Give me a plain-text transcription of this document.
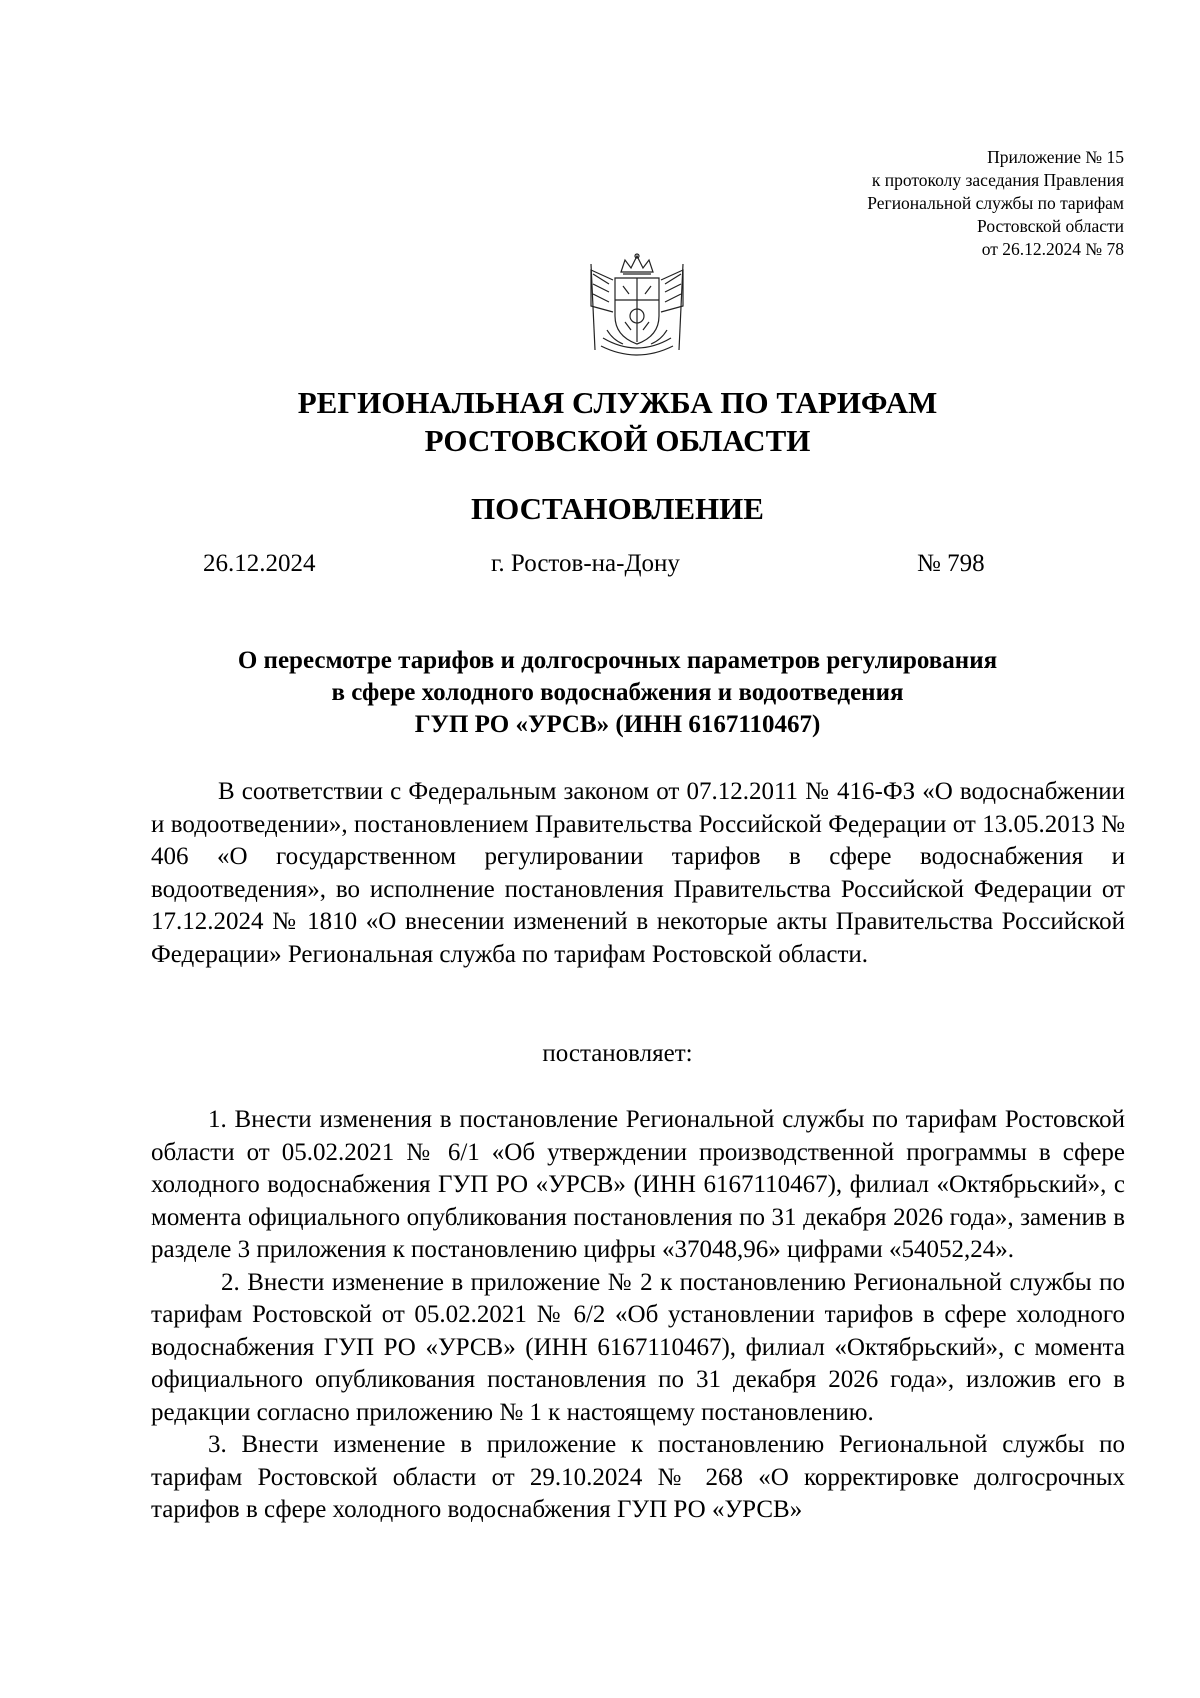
Приложение № 15
к протоколу заседания Правления
Региональной службы по тарифам
Ростовской области
от 26.12.2024 № 78
РЕГИОНАЛЬНАЯ СЛУЖБА ПО ТАРИФАМ
РОСТОВСКОЙ ОБЛАСТИ
ПОСТАНОВЛЕНИЕ
26.12.2024	г. Ростов-на-Дону	№ 798
О пересмотре тарифов и долгосрочных параметров регулирования
в сфере холодного водоснабжения и водоотведения
ГУП РО «УРСВ» (ИНН 6167110467)
В соответствии с Федеральным законом от 07.12.2011 № 416-ФЗ «О водоснабжении и водоотведении», постановлением Правительства Российской Федерации от 13.05.2013 № 406 «О государственном регулировании тарифов в сфере водоснабжения и водоотведения», во исполнение постановления Правительства Российской Федерации от 17.12.2024 № 1810 «О внесении изменений в некоторые акты Правительства Российской Федерации» Региональная служба по тарифам Ростовской области.
постановляет:

1. Внести изменения в постановление Региональной службы по тарифам Ростовской области от 05.02.2021 № 6/1 «Об утверждении производственной программы в сфере холодного водоснабжения ГУП РО «УРСВ» (ИНН 6167110467), филиал «Октябрьский», с момента официального опубликования постановления по 31 декабря 2026 года», заменив в разделе 3 приложения к постановлению цифры «37048,96» цифрами «54052,24».

2. Внести изменение в приложение № 2 к постановлению Региональной службы по тарифам Ростовской от 05.02.2021 № 6/2 «Об установлении тарифов в сфере холодного водоснабжения ГУП РО «УРСВ» (ИНН 6167110467), филиал «Октябрьский», с момента официального опубликования постановления по 31 декабря 2026 года», изложив его в редакции согласно приложению № 1 к настоящему постановлению.

3. Внести изменение в приложение к постановлению Региональной службы по тарифам Ростовской области от 29.10.2024 № 268 «О корректировке долгосрочных тарифов в сфере холодного водоснабжения ГУП РО «УРСВ»
